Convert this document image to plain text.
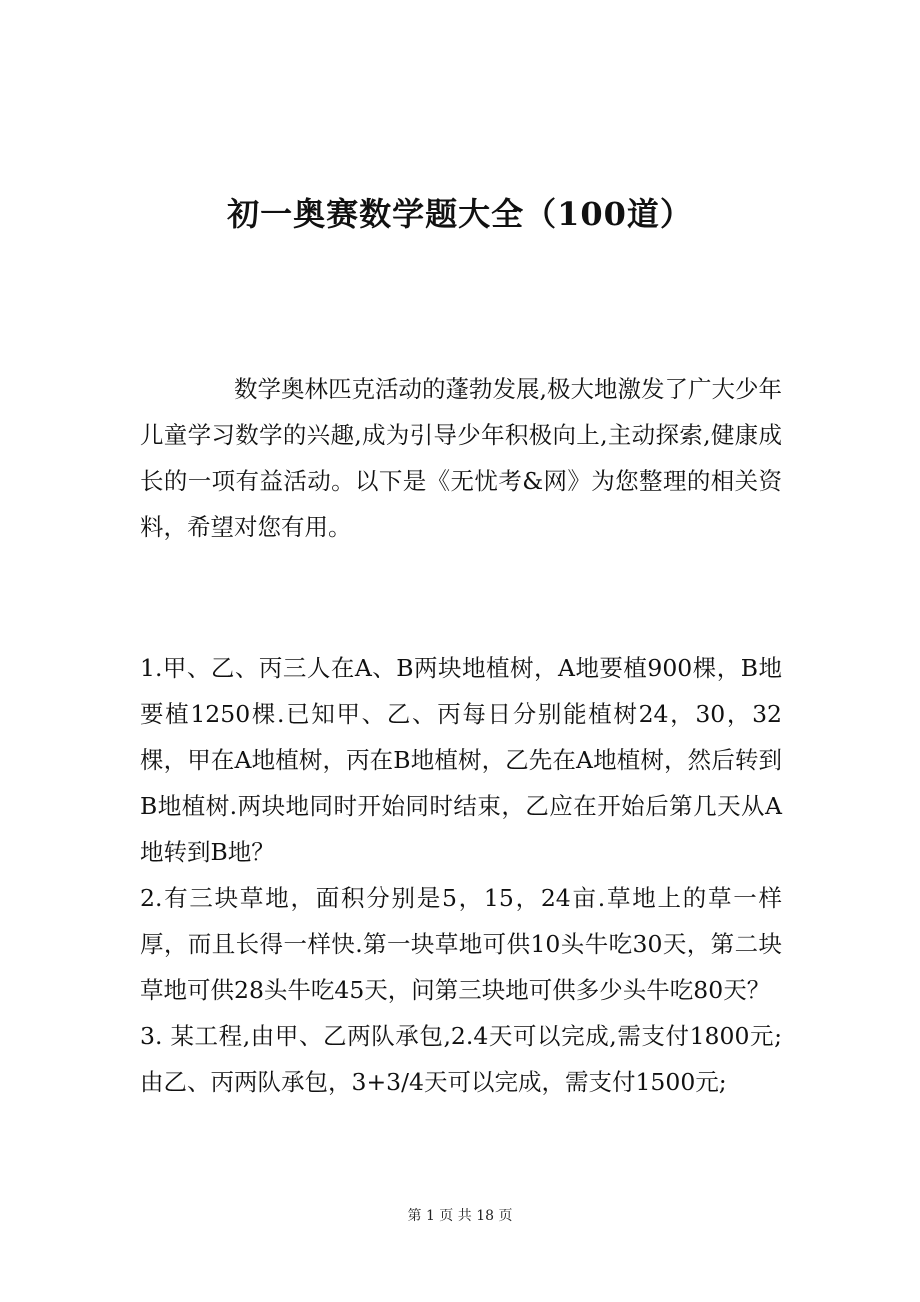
初一奥赛数学题大全（100道）
数学奥林匹克活动的蓬勃发展,极大地激发了广大少年儿童学习数学的兴趣,成为引导少年积极向上,主动探索,健康成长的一项有益活动。以下是《无忧考&网》为您整理的相关资料，希望对您有用。

1.甲、乙、丙三人在A、B两块地植树，A地要植900棵，B地要植1250棵.已知甲、乙、丙每日分别能植树24，30，32棵，甲在A地植树，丙在B地植树，乙先在A地植树，然后转到B地植树.两块地同时开始同时结束，乙应在开始后第几天从A地转到B地？

2.有三块草地，面积分别是5，15，24亩.草地上的草一样厚，而且长得一样快.第一块草地可供10头牛吃30天，第二块草地可供28头牛吃45天，问第三块地可供多少头牛吃80天？

3. 某工程,由甲、乙两队承包,2.4天可以完成,需支付1800元;由乙、丙两队承包，3+3/4天可以完成，需支付1500元;

第 1 页 共 18 页
